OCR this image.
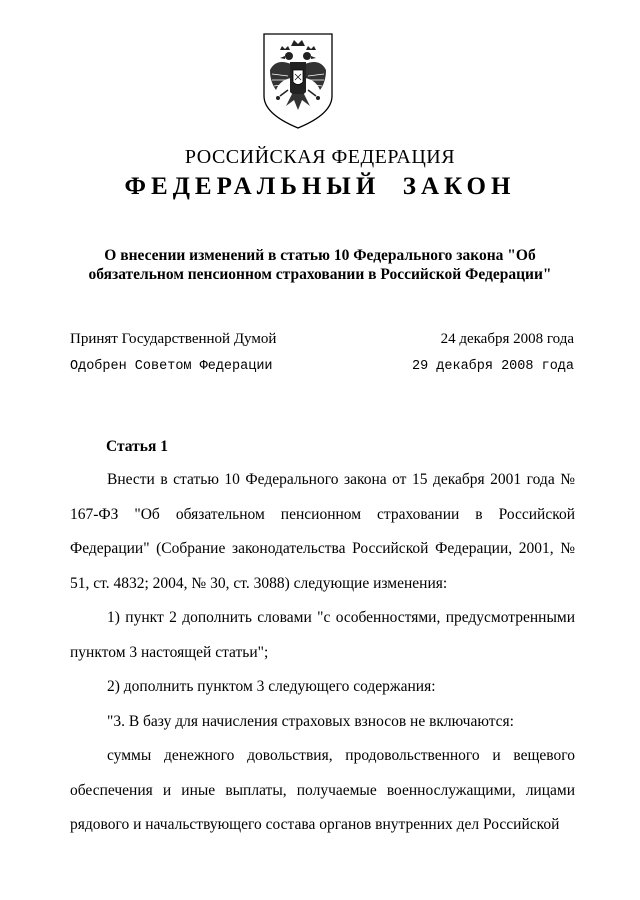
РОССИЙСКАЯ ФЕДЕРАЦИЯ
ФЕДЕРАЛЬНЫЙ  ЗАКОН
О внесении изменений в статью 10 Федерального закона "Об обязательном пенсионном страховании в Российской Федерации"
Принят Государственной Думой	24 декабря 2008 года
Одобрен Советом Федерации	29 декабря 2008 года
Статья 1

Внести в статью 10 Федерального закона от 15 декабря 2001 года № 167-ФЗ "Об обязательном пенсионном страховании в Российской Федерации" (Собрание законодательства Российской Федерации, 2001, № 51, ст. 4832; 2004, № 30, ст. 3088) следующие изменения:

1) пункт 2 дополнить словами "с особенностями, предусмотренными пунктом 3 настоящей статьи";

2) дополнить пунктом 3 следующего содержания:

"3. В базу для начисления страховых взносов не включаются:

суммы денежного довольствия, продовольственного и вещевого обеспечения и иные выплаты, получаемые военнослужащими, лицами рядового и начальствующего состава органов внутренних дел Российской
